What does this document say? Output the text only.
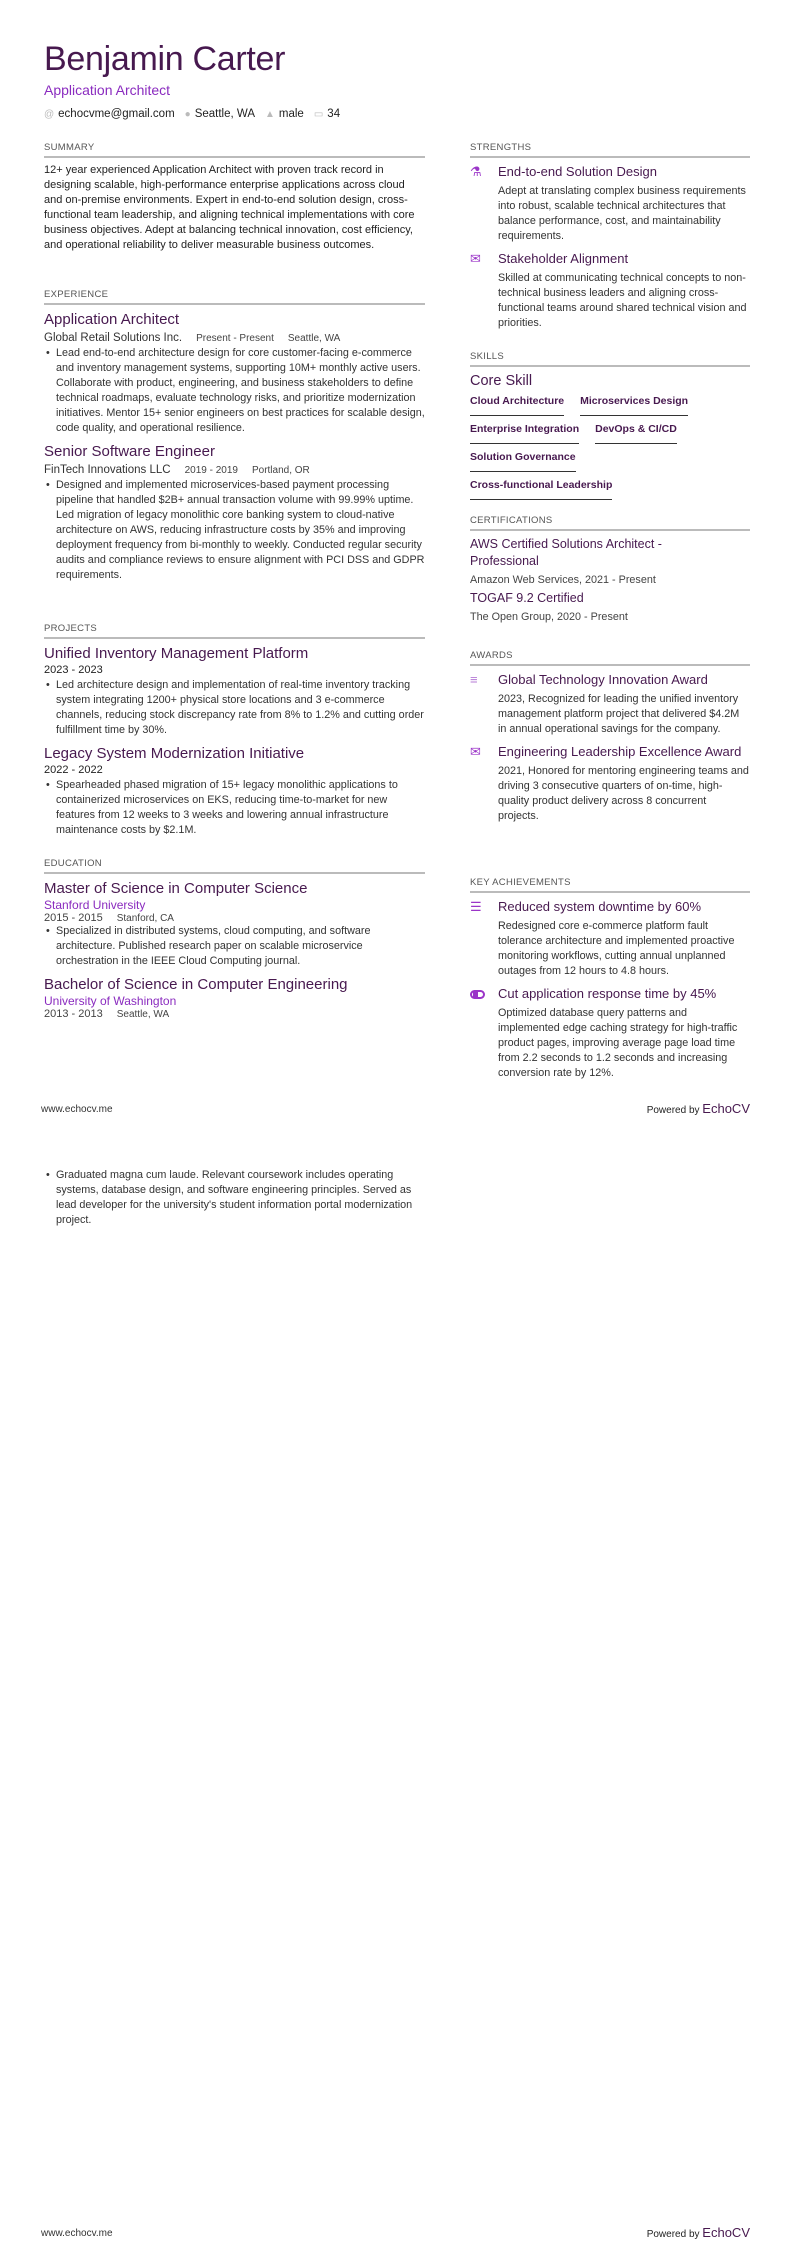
Benjamin Carter
Application Architect
@ echocvme@gmail.com ● Seattle, WA ▲ male ▭ 34
SUMMARY
12+ year experienced Application Architect with proven track record in designing scalable, high-performance enterprise applications across cloud and on-premise environments. Expert in end-to-end solution design, cross-functional team leadership, and aligning technical implementations with core business objectives. Adept at balancing technical innovation, cost efficiency, and operational reliability to deliver measurable business outcomes.
EXPERIENCE
Application Architect
Global Retail Solutions Inc. Present - Present Seattle, WA
• Lead end-to-end architecture design for core customer-facing e-commerce and inventory management systems, supporting 10M+ monthly active users. Collaborate with product, engineering, and business stakeholders to define technical roadmaps, evaluate technology risks, and prioritize modernization initiatives. Mentor 15+ senior engineers on best practices for scalable design, code quality, and operational resilience.
Senior Software Engineer
FinTech Innovations LLC 2019 - 2019 Portland, OR
• Designed and implemented microservices-based payment processing pipeline that handled $2B+ annual transaction volume with 99.99% uptime. Led migration of legacy monolithic core banking system to cloud-native architecture on AWS, reducing infrastructure costs by 35% and improving deployment frequency from bi-monthly to weekly. Conducted regular security audits and compliance reviews to ensure alignment with PCI DSS and GDPR requirements.
PROJECTS
Unified Inventory Management Platform
2023 - 2023
• Led architecture design and implementation of real-time inventory tracking system integrating 1200+ physical store locations and 3 e-commerce channels, reducing stock discrepancy rate from 8% to 1.2% and cutting order fulfillment time by 30%.
Legacy System Modernization Initiative
2022 - 2022
• Spearheaded phased migration of 15+ legacy monolithic applications to containerized microservices on EKS, reducing time-to-market for new features from 12 weeks to 3 weeks and lowering annual infrastructure maintenance costs by $2.1M.
EDUCATION
Master of Science in Computer Science
Stanford University
2015 - 2015 Stanford, CA
• Specialized in distributed systems, cloud computing, and software architecture. Published research paper on scalable microservice orchestration in the IEEE Cloud Computing journal.
Bachelor of Science in Computer Engineering
University of Washington
2013 - 2013 Seattle, WA
STRENGTHS
⚗	End-to-end Solution Design
Adept at translating complex business requirements into robust, scalable technical architectures that balance performance, cost, and maintainability requirements.
✉	Stakeholder Alignment
Skilled at communicating technical concepts to non-technical business leaders and aligning cross-functional teams around shared technical vision and priorities.
SKILLS
Core Skill
Cloud Architecture Microservices Design
Enterprise Integration DevOps & CI/CD
Solution Governance
Cross-functional Leadership
CERTIFICATIONS
AWS Certified Solutions Architect - Professional
Amazon Web Services, 2021 - Present
TOGAF 9.2 Certified
The Open Group, 2020 - Present
AWARDS
≡	Global Technology Innovation Award
2023, Recognized for leading the unified inventory management platform project that delivered $4.2M in annual operational savings for the company.
✉	Engineering Leadership Excellence Award
2021, Honored for mentoring engineering teams and driving 3 consecutive quarters of on-time, high-quality product delivery across 8 concurrent projects.
KEY ACHIEVEMENTS
☰	Reduced system downtime by 60%
Redesigned core e-commerce platform fault tolerance architecture and implemented proactive monitoring workflows, cutting annual unplanned outages from 12 hours to 4.8 hours.
Cut application response time by 45%
Optimized database query patterns and implemented edge caching strategy for high-traffic product pages, improving average page load time from 2.2 seconds to 1.2 seconds and increasing conversion rate by 12%.
www.echocv.me	Powered by EchoCV
• Graduated magna cum laude. Relevant coursework includes operating systems, database design, and software engineering principles. Served as lead developer for the university's student information portal modernization project.
www.echocv.me	Powered by EchoCV
